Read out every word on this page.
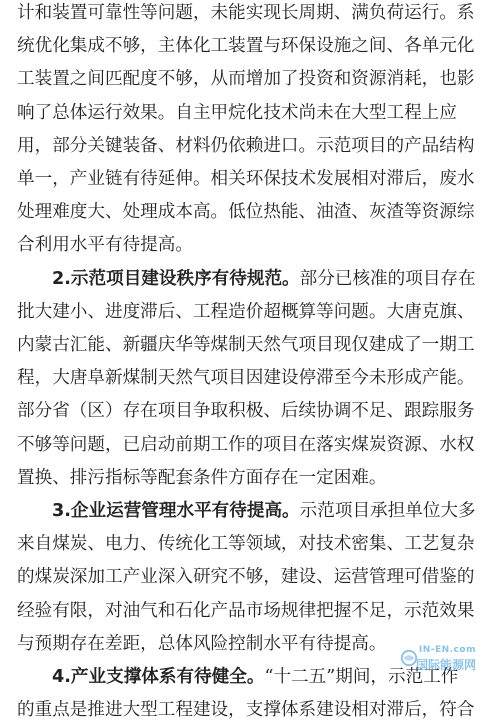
计和装置可靠性等问题，未能实现长周期、满负荷运行。系
统优化集成不够，主体化工装置与环保设施之间、各单元化
工装置之间匹配度不够，从而增加了投资和资源消耗，也影
响了总体运行效果。自主甲烷化技术尚未在大型工程上应
用，部分关键装备、材料仍依赖进口。示范项目的产品结构
单一，产业链有待延伸。相关环保技术发展相对滞后，废水
处理难度大、处理成本高。低位热能、油渣、灰渣等资源综
合利用水平有待提高。
2.示范项目建设秩序有待规范。部分已核准的项目存在
批大建小、进度滞后、工程造价超概算等问题。大唐克旗、
内蒙古汇能、新疆庆华等煤制天然气项目现仅建成了一期工
程，大唐阜新煤制天然气项目因建设停滞至今未形成产能。
部分省（区）存在项目争取积极、后续协调不足、跟踪服务
不够等问题，已启动前期工作的项目在落实煤炭资源、水权
置换、排污指标等配套条件方面存在一定困难。
3.企业运营管理水平有待提高。示范项目承担单位大多
来自煤炭、电力、传统化工等领域，对技术密集、工艺复杂
的煤炭深加工产业深入研究不够，建设、运营管理可借鉴的
经验有限，对油气和石化产品市场规律把握不足，示范效果
与预期存在差距，总体风险控制水平有待提高。
4.产业支撑体系有待健全。“十二五”期间，示范工作
的重点是推进大型工程建设，支撑体系建设相对滞后，符合
IN-EN.com
国际能源网
